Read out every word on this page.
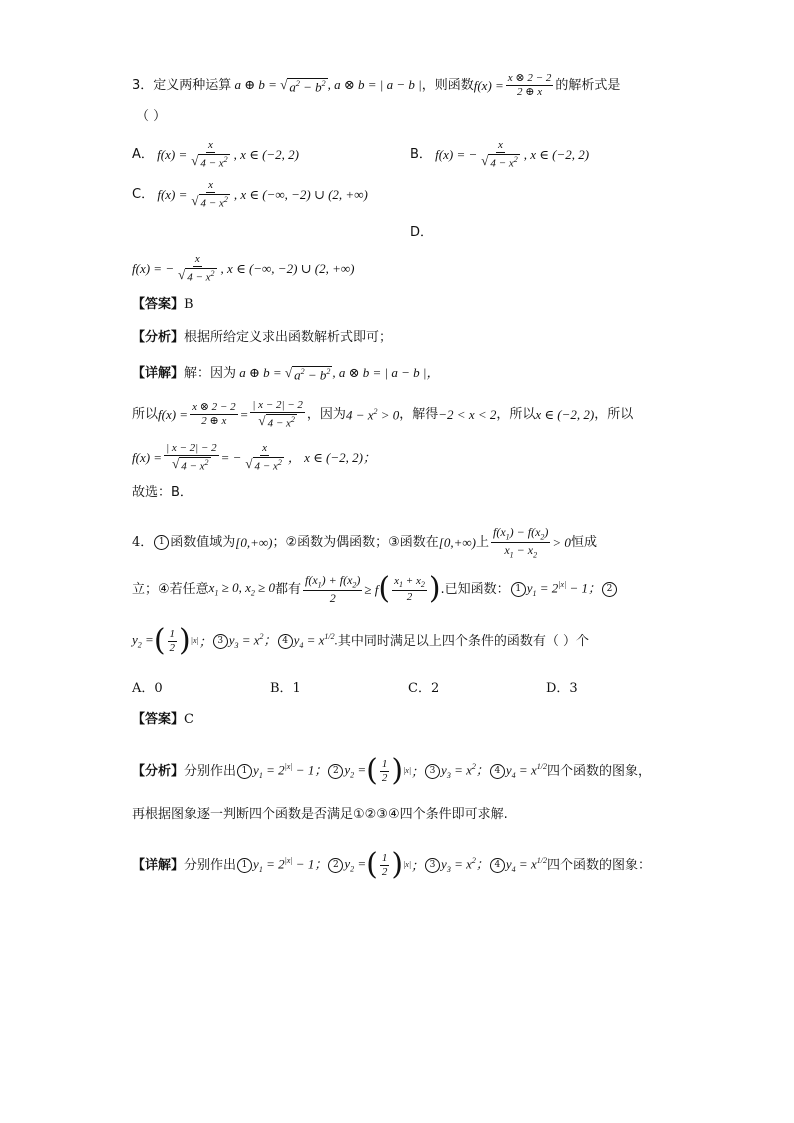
3．定义两种运算 a ⊕ b = √ $a^2 - b^2$ , a ⊗ b = | a − b | ，则函数 $f(x) = \frac{x \otimes 2 - 2}{2 \oplus x}$ 的解析式是
（ ）
A． $f(x) = \frac{x}{√ 4 - x^2}$ , x ∈ (−2, 2)	B． f(x) = − $\frac{x}{√ 4 - x^2}$ , x ∈ (−2, 2)
C． $f(x) = \frac{x}{√ 4 - x^2}$ , x ∈ (−∞, −2) ∪ (2, +∞)
D．
f(x) = − $\frac{x}{√ 4 - x^2}$ , x ∈ (−∞, −2) ∪ (2, +∞)
【答案】 B
【分析】 根据所给定义求出函数解析式即可；
【详解】 解：因为 a ⊕ b = √ $a^2 - b^2$ , a ⊗ b = | a − b |，
所以 $f(x) = \frac{x \otimes 2 - 2}{2 \oplus x} = \frac{| x - 2| - 2}{√ 4 - x^2}$ ，因为 $4 - x^2 > 0$ ，解得 −2 < x < 2 ，所以 x ∈ (−2, 2) ，所以
$f(x) = \frac{| x - 2| - 2}{√ 4 - x^2}$ = − $\frac{x}{√ 4 - x^2}$ ， x ∈ (−2, 2)；
故选：B．
4． 1 函数值域为 [0,+∞) ；②函数为偶函数；③函数在 [0,+∞) 上 $\frac{f(x_1) - f(x_2)}{x_1 - x_2} > 0$ 恒成
立；④若任意 $x_1 \ge 0$, $x_2 \ge 0$ 都有 $\frac{f(x_1) + f(x_2)}{2} \ge f$ ( $\frac{x_1 + x_2}{2}$ ) .已知函数： 1 $y_1 = 2^{|x|} - 1$； 2
$y_2$ = ( $\frac{1}{2}$ ) |x| ； 3 $y_3 = x^2$； 4 $y_4 = x^{1/2}$. 其中同时满足以上四个条件的函数有（ ）个
A．0	B．1	C．2	D．3
【答案】 C
【分析】 分别作出 1 $y_1 = 2^{|x|} - 1$； 2 $y_2$ = ( $\frac{1}{2}$ ) |x| ； 3 $y_3 = x^2$； 4 $y_4 = x^{1/2}$ 四个函数的图象，
再根据图象逐一判断四个函数是否满足①②③④四个条件即可求解.
【详解】 分别作出 1 $y_1 = 2^{|x|} - 1$； 2 $y_2$ = ( $\frac{1}{2}$ ) |x| ； 3 $y_3 = x^2$； 4 $y_4 = x^{1/2}$ 四个函数的图象：
